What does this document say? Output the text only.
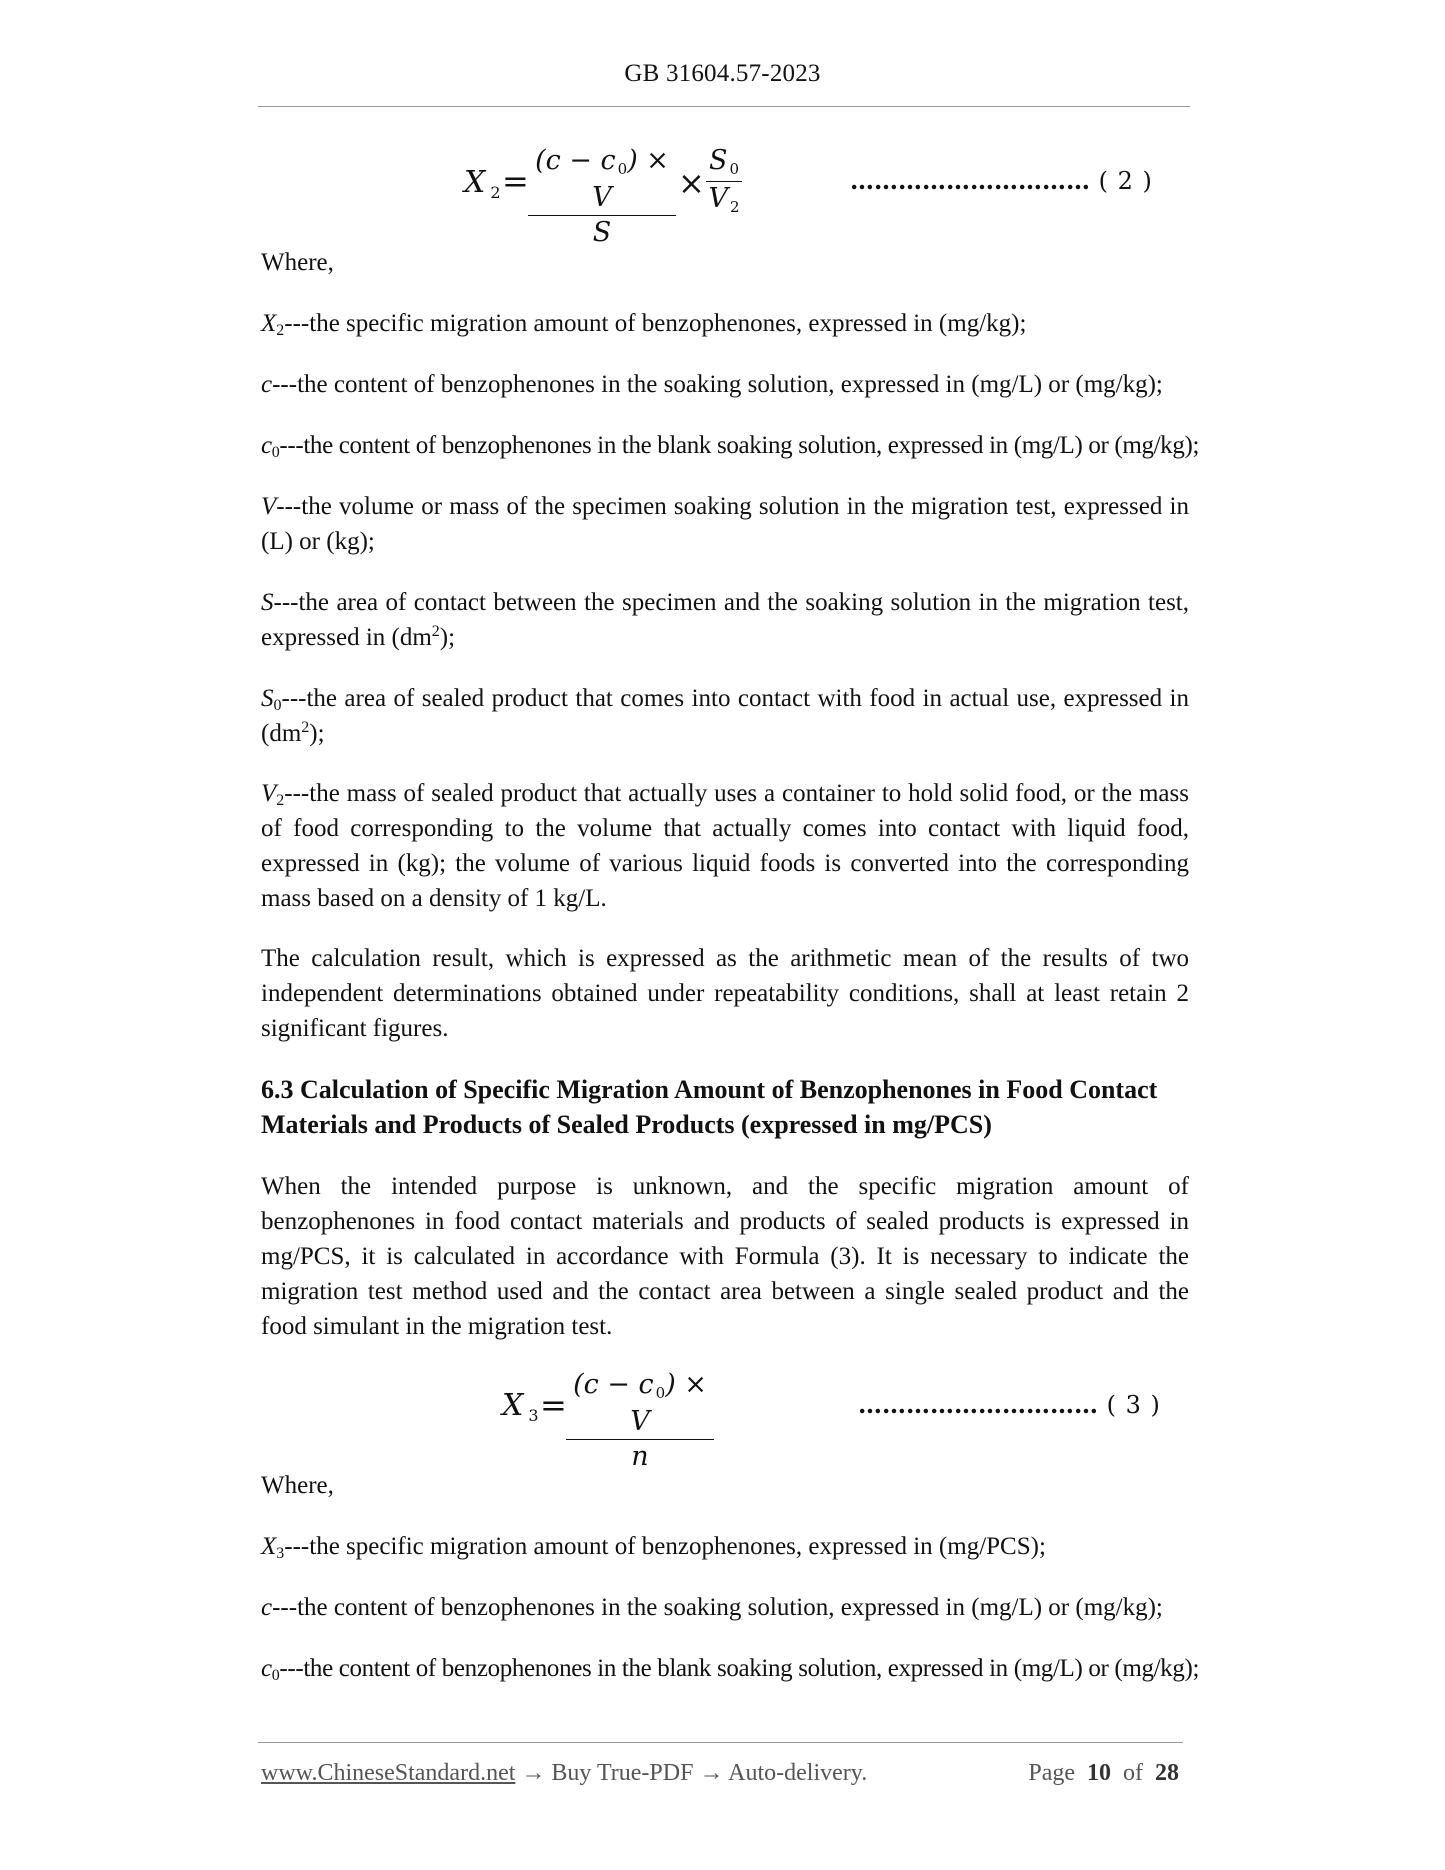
GB 31604.57-2023
X $_2$ =
(c − c 0) × V
S
×
S 0
V 2
………………………… ( 2 )

Where,

$X_2--$-the specific migration amount of benzophenones, expressed in (mg/kg);

c---the content of benzophenones in the soaking solution, expressed in (mg/L) or (mg/kg);

$c_0--$-the content of benzophenones in the blank soaking solution, expressed in (mg/L) or (mg/kg);

V---the volume or mass of the specimen soaking solution in the migration test, expressed in (L) or (kg);

S---the area of contact between the specimen and the soaking solution in the migration test, expressed in $(dm^2)$;

$S_0--$-the area of sealed product that comes into contact with food in actual use, expressed in $(dm^2)$;

$V_2--$-the mass of sealed product that actually uses a container to hold solid food, or the mass of food corresponding to the volume that actually comes into contact with liquid food, expressed in (kg); the volume of various liquid foods is converted into the corresponding mass based on a density of 1 kg/L.

The calculation result, which is expressed as the arithmetic mean of the results of two independent determinations obtained under repeatability conditions, shall at least retain 2 significant figures.

6.3 Calculation of Specific Migration Amount of Benzophenones in Food Contact Materials and Products of Sealed Products (expressed in mg/PCS)

When the intended purpose is unknown, and the specific migration amount of benzophenones in food contact materials and products of sealed products is expressed in mg/PCS, it is calculated in accordance with Formula (3). It is necessary to indicate the migration test method used and the contact area between a single sealed product and the food simulant in the migration test.

Where,

$X_3--$-the specific migration amount of benzophenones, expressed in (mg/PCS);

c---the content of benzophenones in the soaking solution, expressed in (mg/L) or (mg/kg);

$c_0--$-the content of benzophenones in the blank soaking solution, expressed in (mg/L) or (mg/kg);

X $_3$ =
(c − c 0) × V
n
………………………… ( 3 )
www.ChineseStandard.net → Buy True-PDF → Auto-delivery.	Page 10 of 28
